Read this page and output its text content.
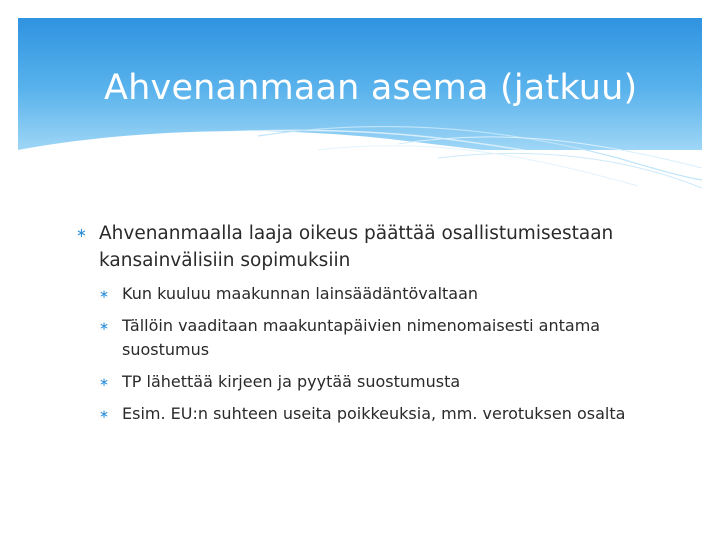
Ahvenanmaan asema (jatkuu)
∗ Ahvenanmaalla laaja oikeus päättää osallistumisestaan kansainvälisiin sopimuksiin
∗ Kun kuuluu maakunnan lainsäädäntövaltaan
∗ Tällöin vaaditaan maakuntapäivien nimenomaisesti antama suostumus
∗ TP lähettää kirjeen ja pyytää suostumusta
∗ Esim. EU:n suhteen useita poikkeuksia, mm. verotuksen osalta
